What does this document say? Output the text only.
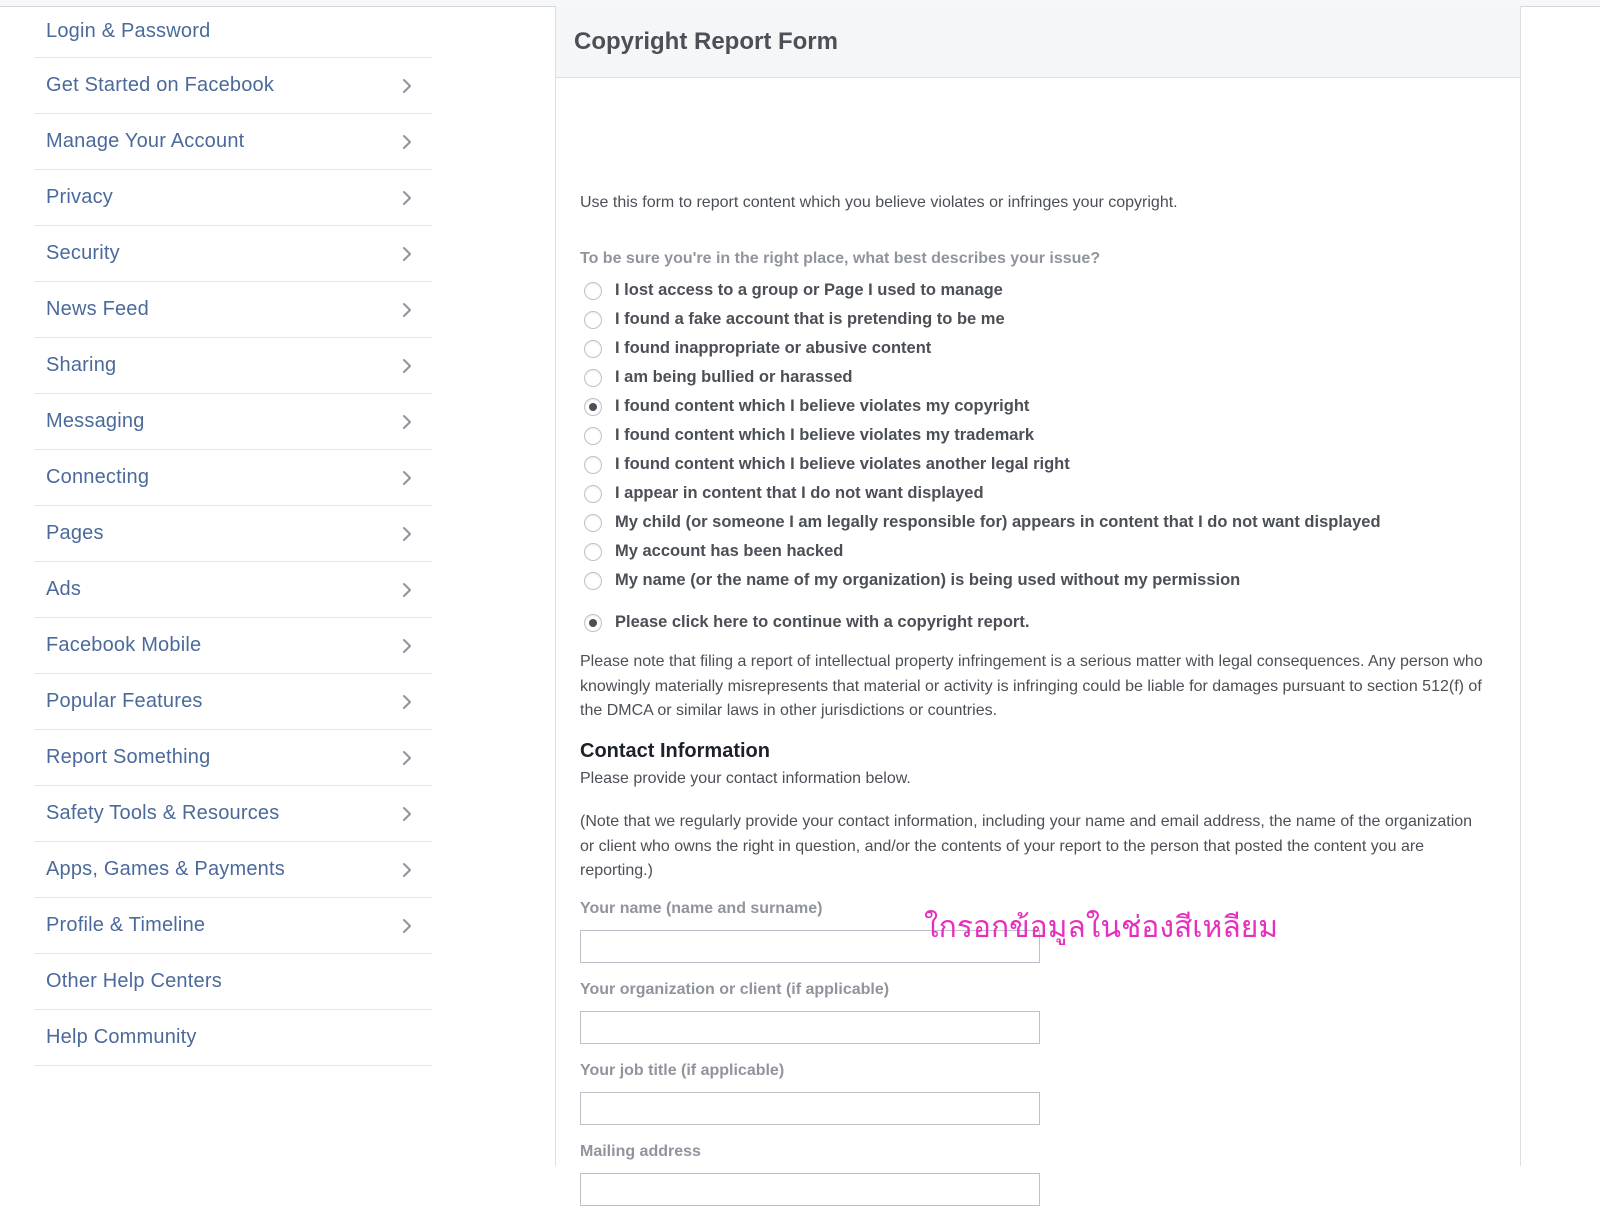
Login & Password
Get Started on Facebook
Manage Your Account
Privacy
Security
News Feed
Sharing
Messaging
Connecting
Pages
Ads
Facebook Mobile
Popular Features
Report Something
Safety Tools & Resources
Apps, Games & Payments
Profile & Timeline
Other Help Centers
Help Community
Copyright Report Form
Use this form to report content which you believe violates or infringes your copyright.
To be sure you're in the right place, what best describes your issue?
I lost access to a group or Page I used to manage
I found a fake account that is pretending to be me
I found inappropriate or abusive content
I am being bullied or harassed
I found content which I believe violates my copyright
I found content which I believe violates my trademark
I found content which I believe violates another legal right
I appear in content that I do not want displayed
My child (or someone I am legally responsible for) appears in content that I do not want displayed
My account has been hacked
My name (or the name of my organization) is being used without my permission
Please click here to continue with a copyright report.
Please note that filing a report of intellectual property infringement is a serious matter with legal consequences. Any person who knowingly materially misrepresents that material or activity is infringing could be liable for damages pursuant to section 512(f) of the DMCA or similar laws in other jurisdictions or countries.
Contact Information
Please provide your contact information below.
(Note that we regularly provide your contact information, including your name and email address, the name of the organization or client who owns the right in question, and/or the contents of your report to the person that posted the content you are reporting.)
Your name (name and surname)
Your organization or client (if applicable)
Your job title (if applicable)
Mailing address
ใกรอกข้อมูลในช่องสีเหลียม
